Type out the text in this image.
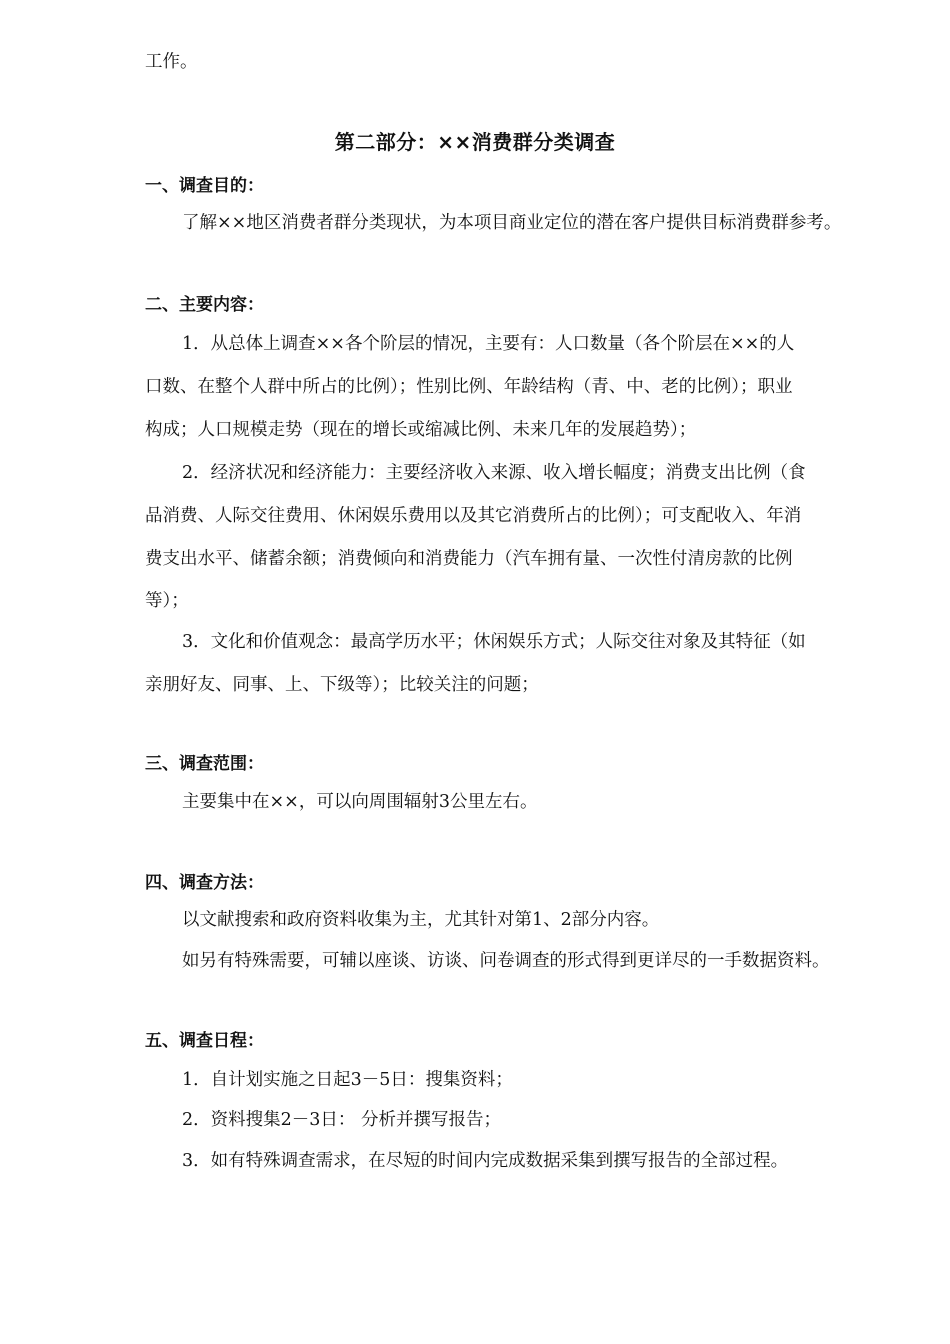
工作。
第二部分：××消费群分类调查
一、调查目的：
了解××地区消费者群分类现状，为本项目商业定位的潜在客户提供目标消费群参考。
二、主要内容：
1．从总体上调查××各个阶层的情况，主要有：人口数量（各个阶层在××的人
口数、在整个人群中所占的比例）；性别比例、年龄结构（青、中、老的比例）；职业
构成；人口规模走势（现在的增长或缩减比例、未来几年的发展趋势）；
2．经济状况和经济能力：主要经济收入来源、收入增长幅度；消费支出比例（食
品消费、人际交往费用、休闲娱乐费用以及其它消费所占的比例）；可支配收入、年消
费支出水平、储蓄余额；消费倾向和消费能力（汽车拥有量、一次性付清房款的比例
等）；
3．文化和价值观念：最高学历水平；休闲娱乐方式；人际交往对象及其特征（如
亲朋好友、同事、上、下级等）；比较关注的问题；
三、调查范围：
主要集中在××，可以向周围辐射3公里左右。
四、调查方法：
以文献搜索和政府资料收集为主，尤其针对第1、2部分内容。
如另有特殊需要，可辅以座谈、访谈、问卷调查的形式得到更详尽的一手数据资料。
五、调查日程：
1．自计划实施之日起3－5日：搜集资料；
2．资料搜集2－3日： 分析并撰写报告；
3．如有特殊调查需求，在尽短的时间内完成数据采集到撰写报告的全部过程。
